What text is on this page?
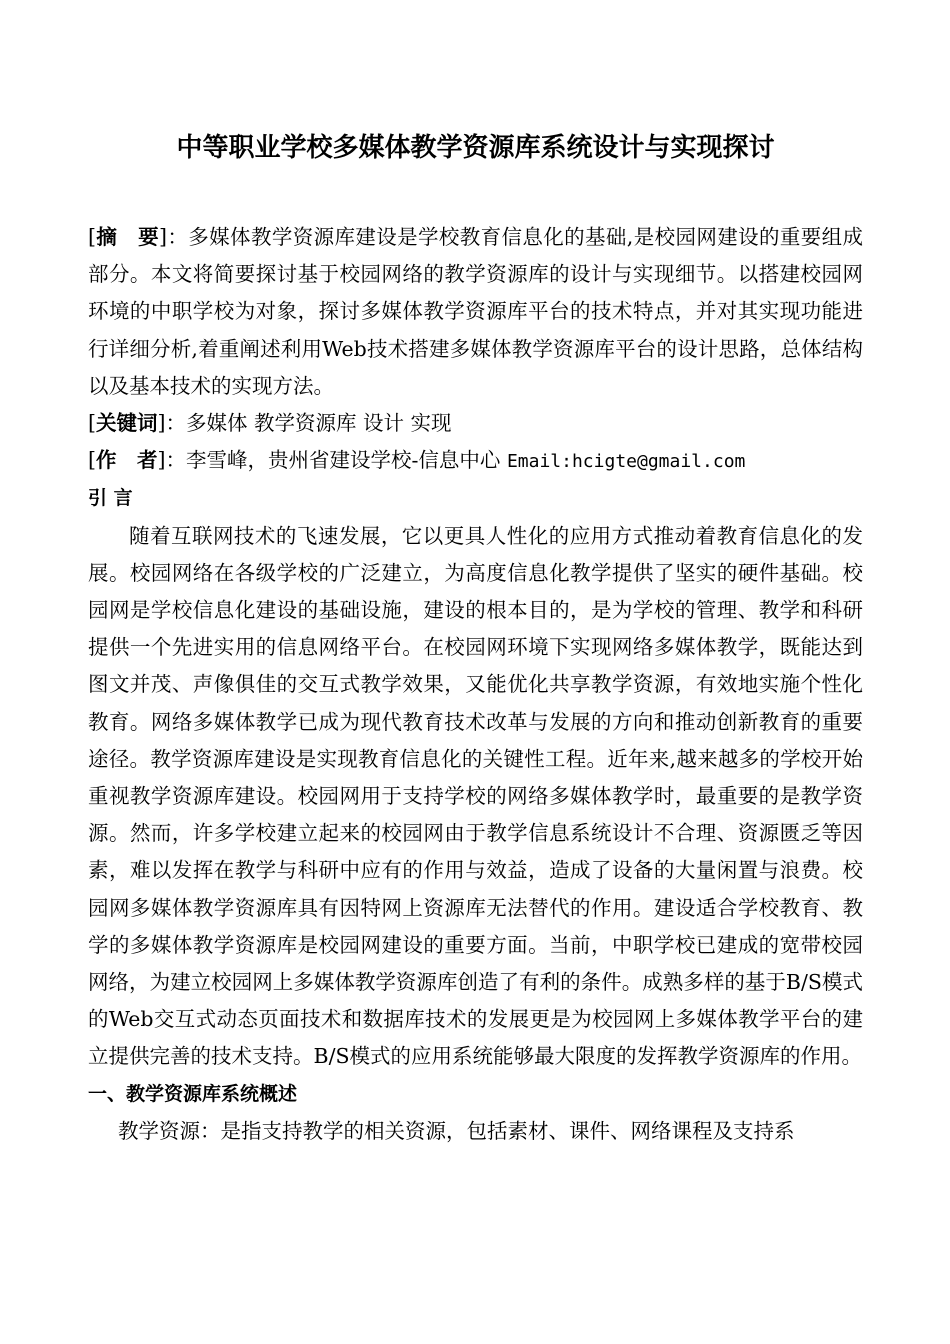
中等职业学校多媒体教学资源库系统设计与实现探讨

[摘　要]：多媒体教学资源库建设是学校教育信息化的基础,是校园网建设的重要组成部分。本文将简要探讨基于校园网络的教学资源库的设计与实现细节。以搭建校园网环境的中职学校为对象，探讨多媒体教学资源库平台的技术特点，并对其实现功能进行详细分析,着重阐述利用Web技术搭建多媒体教学资源库平台的设计思路，总体结构以及基本技术的实现方法。

[关键词]：多媒体 教学资源库 设计 实现

[作　者]：李雪峰，贵州省建设学校-信息中心 Email:hcigte@gmail.com

引 言

随着互联网技术的飞速发展，它以更具人性化的应用方式推动着教育信息化的发展。校园网络在各级学校的广泛建立，为高度信息化教学提供了坚实的硬件基础。校园网是学校信息化建设的基础设施，建设的根本目的，是为学校的管理、教学和科研提供一个先进实用的信息网络平台。在校园网环境下实现网络多媒体教学，既能达到图文并茂、声像俱佳的交互式教学效果，又能优化共享教学资源，有效地实施个性化教育。网络多媒体教学已成为现代教育技术改革与发展的方向和推动创新教育的重要途径。教学资源库建设是实现教育信息化的关键性工程。近年来,越来越多的学校开始重视教学资源库建设。校园网用于支持学校的网络多媒体教学时，最重要的是教学资源。然而，许多学校建立起来的校园网由于教学信息系统设计不合理、资源匮乏等因素，难以发挥在教学与科研中应有的作用与效益，造成了设备的大量闲置与浪费。校园网多媒体教学资源库具有因特网上资源库无法替代的作用。建设适合学校教育、教学的多媒体教学资源库是校园网建设的重要方面。当前，中职学校已建成的宽带校园网络，为建立校园网上多媒体教学资源库创造了有利的条件。成熟多样的基于B/S模式的Web交互式动态页面技术和数据库技术的发展更是为校园网上多媒体教学平台的建立提供完善的技术支持。B/S模式的应用系统能够最大限度的发挥教学资源库的作用。

一、教学资源库系统概述

教学资源：是指支持教学的相关资源，包括素材、课件、网络课程及支持系
